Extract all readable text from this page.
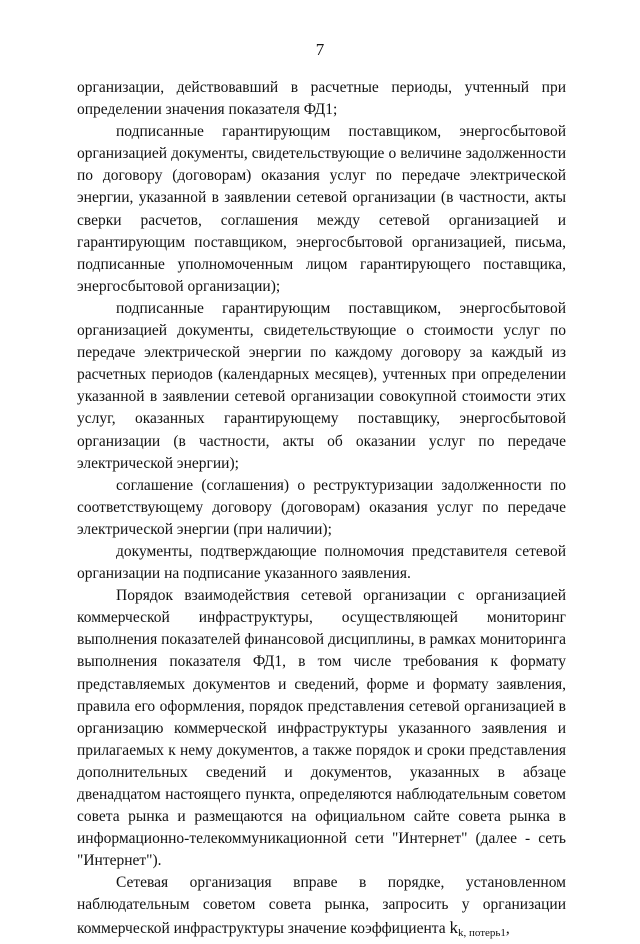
7

организации, действовавший в расчетные периоды, учтенный при определении значения показателя ФД1;

подписанные гарантирующим поставщиком, энергосбытовой организацией документы, свидетельствующие о величине задолженности по договору (договорам) оказания услуг по передаче электрической энергии, указанной в заявлении сетевой организации (в частности, акты сверки расчетов, соглашения между сетевой организацией и гарантирующим поставщиком, энергосбытовой организацией, письма, подписанные уполномоченным лицом гарантирующего поставщика, энергосбытовой организации);

подписанные гарантирующим поставщиком, энергосбытовой организацией документы, свидетельствующие о стоимости услуг по передаче электрической энергии по каждому договору за каждый из расчетных периодов (календарных месяцев), учтенных при определении указанной в заявлении сетевой организации совокупной стоимости этих услуг, оказанных гарантирующему поставщику, энергосбытовой организации (в частности, акты об оказании услуг по передаче электрической энергии);

соглашение (соглашения) о реструктуризации задолженности по соответствующему договору (договорам) оказания услуг по передаче электрической энергии (при наличии);

документы, подтверждающие полномочия представителя сетевой организации на подписание указанного заявления.

Порядок взаимодействия сетевой организации с организацией коммерческой инфраструктуры, осуществляющей мониторинг выполнения показателей финансовой дисциплины, в рамках мониторинга выполнения показателя ФД1, в том числе требования к формату представляемых документов и сведений, форме и формату заявления, правила его оформления, порядок представления сетевой организацией в организацию коммерческой инфраструктуры указанного заявления и прилагаемых к нему документов, а также порядок и сроки представления дополнительных сведений и документов, указанных в абзаце двенадцатом настоящего пункта, определяются наблюдательным советом совета рынка и размещаются на официальном сайте совета рынка в информационно-телекоммуникационной сети "Интернет" (далее - сеть "Интернет").

Сетевая организация вправе в порядке, установленном наблюдательным советом совета рынка, запросить у организации коммерческой инфраструктуры значение коэффициента kk, потерь1,
